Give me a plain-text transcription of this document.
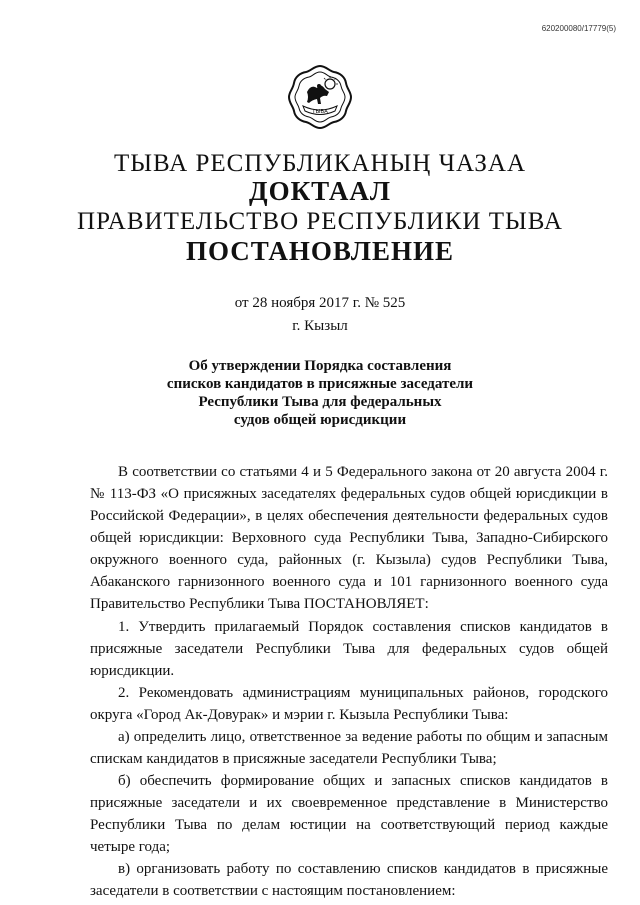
620200080/17779(5)
ТЫВА
ТЫВА РЕСПУБЛИКАНЫҢ ЧАЗАА
ДОКТААЛ
ПРАВИТЕЛЬСТВО РЕСПУБЛИКИ ТЫВА
ПОСТАНОВЛЕНИЕ
от 28 ноября 2017 г. № 525
г. Кызыл
Об утверждении Порядка составления
списков кандидатов в присяжные заседатели
Республики Тыва для федеральных
судов общей юрисдикции

В соответствии со статьями 4 и 5 Федерального закона от 20 августа 2004 г. № 113-ФЗ «О присяжных заседателях федеральных судов общей юрисдикции в Российской Федерации», в целях обеспечения деятельности федеральных судов общей юрисдикции: Верховного суда Республики Тыва, Западно-Сибирского окружного военного суда, районных (г. Кызыла) судов Республики Тыва, Абаканского гарнизонного военного суда и 101 гарнизонного военного суда Правительство Республики Тыва ПОСТАНОВЛЯЕТ:

1. Утвердить прилагаемый Порядок составления списков кандидатов в присяжные заседатели Республики Тыва для федеральных судов общей юрисдикции.

2. Рекомендовать администрациям муниципальных районов, городского округа «Город Ак-Довурак» и мэрии г. Кызыла Республики Тыва:

а) определить лицо, ответственное за ведение работы по общим и запасным спискам кандидатов в присяжные заседатели Республики Тыва;

б) обеспечить формирование общих и запасных списков кандидатов в присяжные заседатели и их своевременное представление в Министерство Республики Тыва по делам юстиции на соответствующий период каждые четыре года;

в) организовать работу по составлению списков кандидатов в присяжные заседатели в соответствии с настоящим постановлением:
